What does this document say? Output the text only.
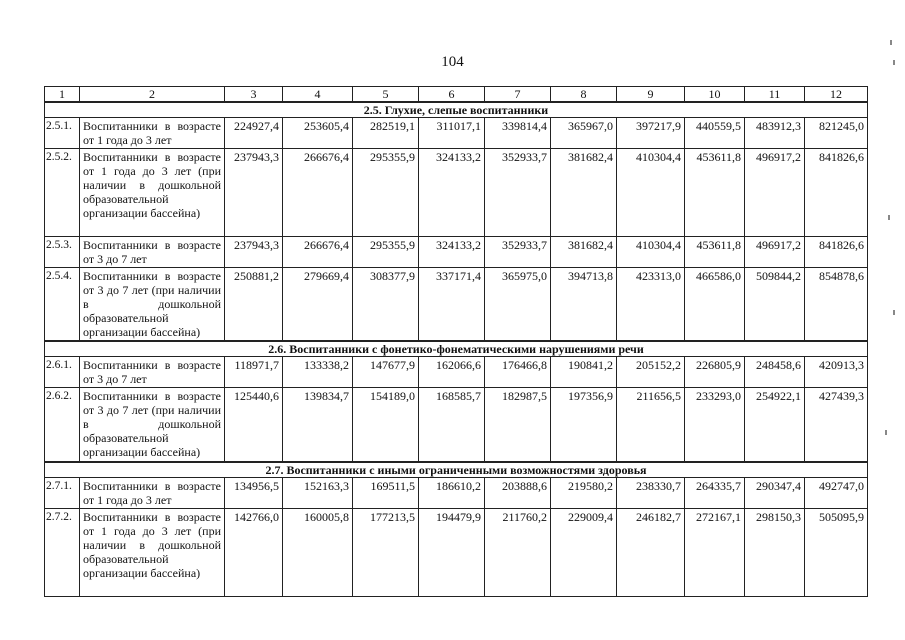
104
1	2	3	4	5	6	7	8	9	10	11	12
2.5. Глухие, слепые воспитанники											
2.5.1.	Воспитанники в возрасте от 1 года до 3 лет	224927,4	253605,4	282519,1	311017,1	339814,4	365967,0	397217,9	440559,5	483912,3	821245,0
2.5.2.	Воспитанники в возрасте от 1 года до 3 лет (при наличии в дошкольной образовательной организации бассейна)	237943,3	266676,4	295355,9	324133,2	352933,7	381682,4	410304,4	453611,8	496917,2	841826,6
2.5.3.	Воспитанники в возрасте от 3 до 7 лет	237943,3	266676,4	295355,9	324133,2	352933,7	381682,4	410304,4	453611,8	496917,2	841826,6
2.5.4.	Воспитанники в возрасте от 3 до 7 лет (при наличии в дошкольной образовательной организации бассейна)	250881,2	279669,4	308377,9	337171,4	365975,0	394713,8	423313,0	466586,0	509844,2	854878,6
2.6. Воспитанники с фонетико-фонематическими нарушениями речи											
2.6.1.	Воспитанники в возрасте от 3 до 7 лет	118971,7	133338,2	147677,9	162066,6	176466,8	190841,2	205152,2	226805,9	248458,6	420913,3
2.6.2.	Воспитанники в возрасте от 3 до 7 лет (при наличии в дошкольной образовательной организации бассейна)	125440,6	139834,7	154189,0	168585,7	182987,5	197356,9	211656,5	233293,0	254922,1	427439,3
2.7. Воспитанники с иными ограниченными возможностями здоровья											
2.7.1.	Воспитанники в возрасте от 1 года до 3 лет	134956,5	152163,3	169511,5	186610,2	203888,6	219580,2	238330,7	264335,7	290347,4	492747,0
2.7.2.	Воспитанники в возрасте от 1 года до 3 лет (при наличии в дошкольной образовательной организации бассейна)	142766,0	160005,8	177213,5	194479,9	211760,2	229009,4	246182,7	272167,1	298150,3	505095,9
